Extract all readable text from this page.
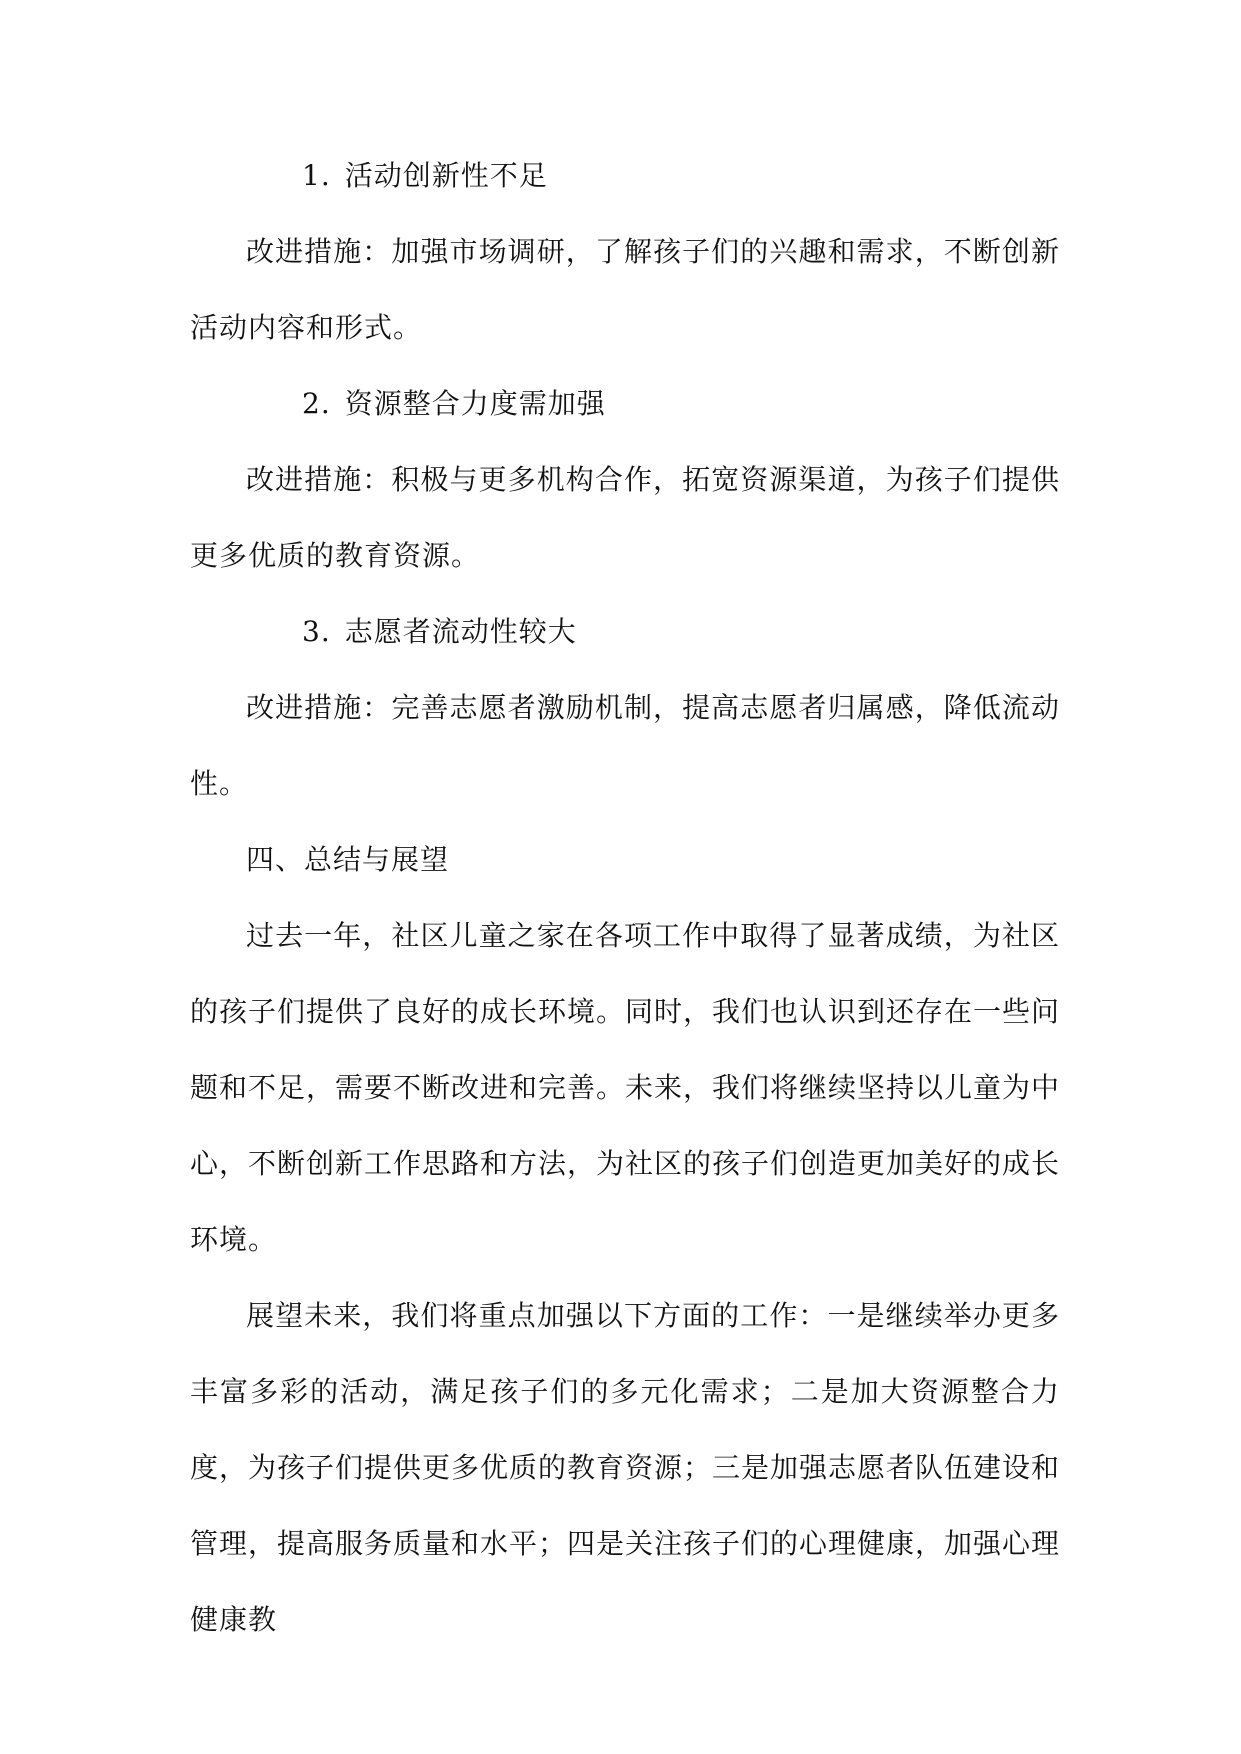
1. 活动创新性不足

改进措施：加强市场调研，了解孩子们的兴趣和需求，不断创新活动内容和形式。

2. 资源整合力度需加强

改进措施：积极与更多机构合作，拓宽资源渠道，为孩子们提供更多优质的教育资源。

3. 志愿者流动性较大

改进措施：完善志愿者激励机制，提高志愿者归属感，降低流动性。

四、总结与展望

过去一年，社区儿童之家在各项工作中取得了显著成绩，为社区的孩子们提供了良好的成长环境。同时，我们也认识到还存在一些问题和不足，需要不断改进和完善。未来，我们将继续坚持以儿童为中心，不断创新工作思路和方法，为社区的孩子们创造更加美好的成长环境。

展望未来，我们将重点加强以下方面的工作：一是继续举办更多丰富多彩的活动，满足孩子们的多元化需求；二是加大资源整合力度，为孩子们提供更多优质的教育资源；三是加强志愿者队伍建设和管理，提高服务质量和水平；四是关注孩子们的心理健康，加强心理健康教
